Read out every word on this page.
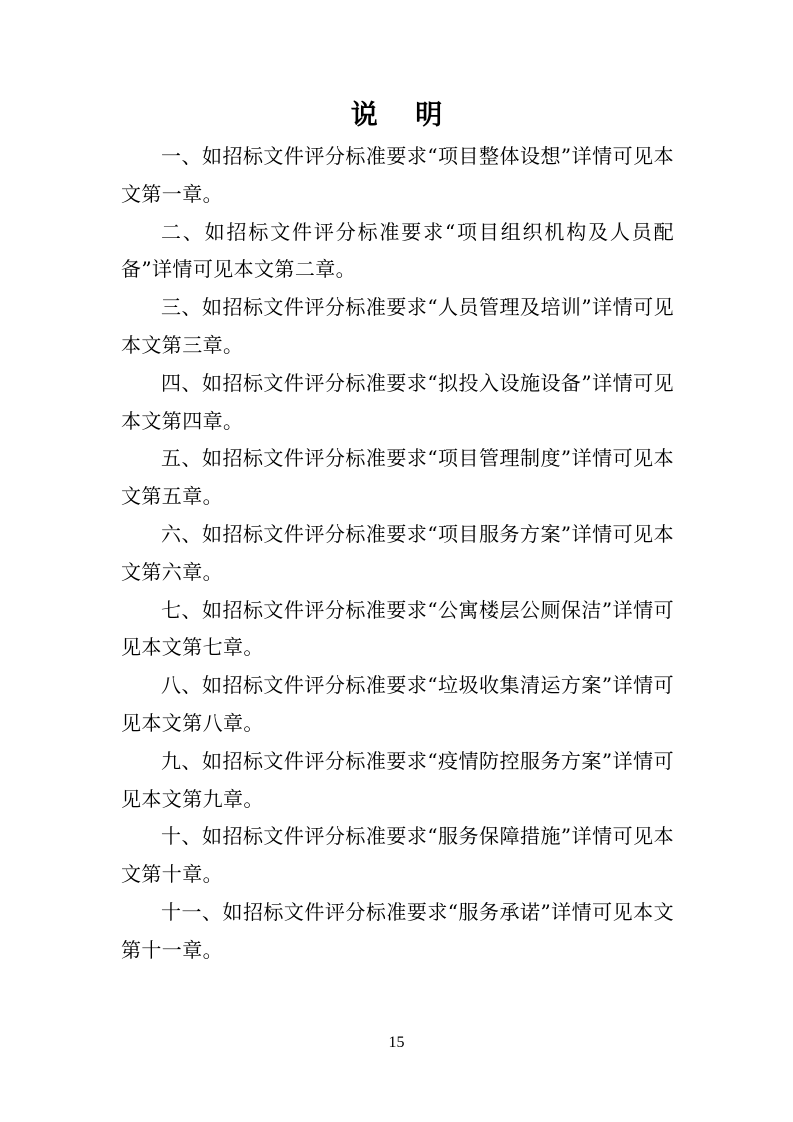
说 明

一、如招标文件评分标准要求“项目整体设想”详情可见本文第一章。

二、如招标文件评分标准要求“项目组织机构及人员配备”详情可见本文第二章。

三、如招标文件评分标准要求“人员管理及培训”详情可见本文第三章。

四、如招标文件评分标准要求“拟投入设施设备”详情可见本文第四章。

五、如招标文件评分标准要求“项目管理制度”详情可见本文第五章。

六、如招标文件评分标准要求“项目服务方案”详情可见本文第六章。

七、如招标文件评分标准要求“公寓楼层公厕保洁”详情可见本文第七章。

八、如招标文件评分标准要求“垃圾收集清运方案”详情可见本文第八章。

九、如招标文件评分标准要求“疫情防控服务方案”详情可见本文第九章。

十、如招标文件评分标准要求“服务保障措施”详情可见本文第十章。

十一、如招标文件评分标准要求“服务承诺”详情可见本文第十一章。

15
